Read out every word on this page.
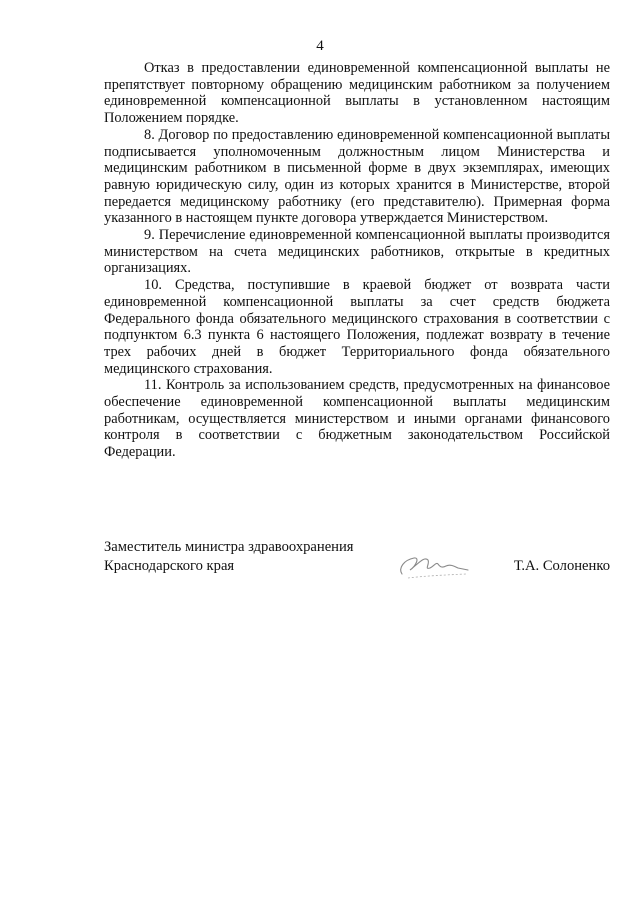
4

Отказ в предоставлении единовременной компенсационной выплаты не препятствует повторному обращению медицинским работником за получением единовременной компенсационной выплаты в установленном настоящим Положением порядке.

8. Договор по предоставлению единовременной компенсационной выплаты подписывается уполномоченным должностным лицом Министерства и медицинским работником в письменной форме в двух экземплярах, имеющих равную юридическую силу, один из которых хранится в Министерстве, второй передается медицинскому работнику (его представителю). Примерная форма указанного в настоящем пункте договора утверждается Министерством.

9. Перечисление единовременной компенсационной выплаты производится министерством на счета медицинских работников, открытые в кредитных организациях.

10. Средства, поступившие в краевой бюджет от возврата части единовременной компенсационной выплаты за счет средств бюджета Федерального фонда обязательного медицинского страхования в соответствии с подпунктом 6.3 пункта 6 настоящего Положения, подлежат возврату в течение трех рабочих дней в бюджет Территориального фонда обязательного медицинского страхования.

11. Контроль за использованием средств, предусмотренных на финансовое обеспечение единовременной компенсационной выплаты медицинским работникам, осуществляется министерством и иными органами финансового контроля в соответствии с бюджетным законодательством Российской Федерации.

Заместитель министра здравоохранения
Краснодарского края	Т.А. Солоненко
